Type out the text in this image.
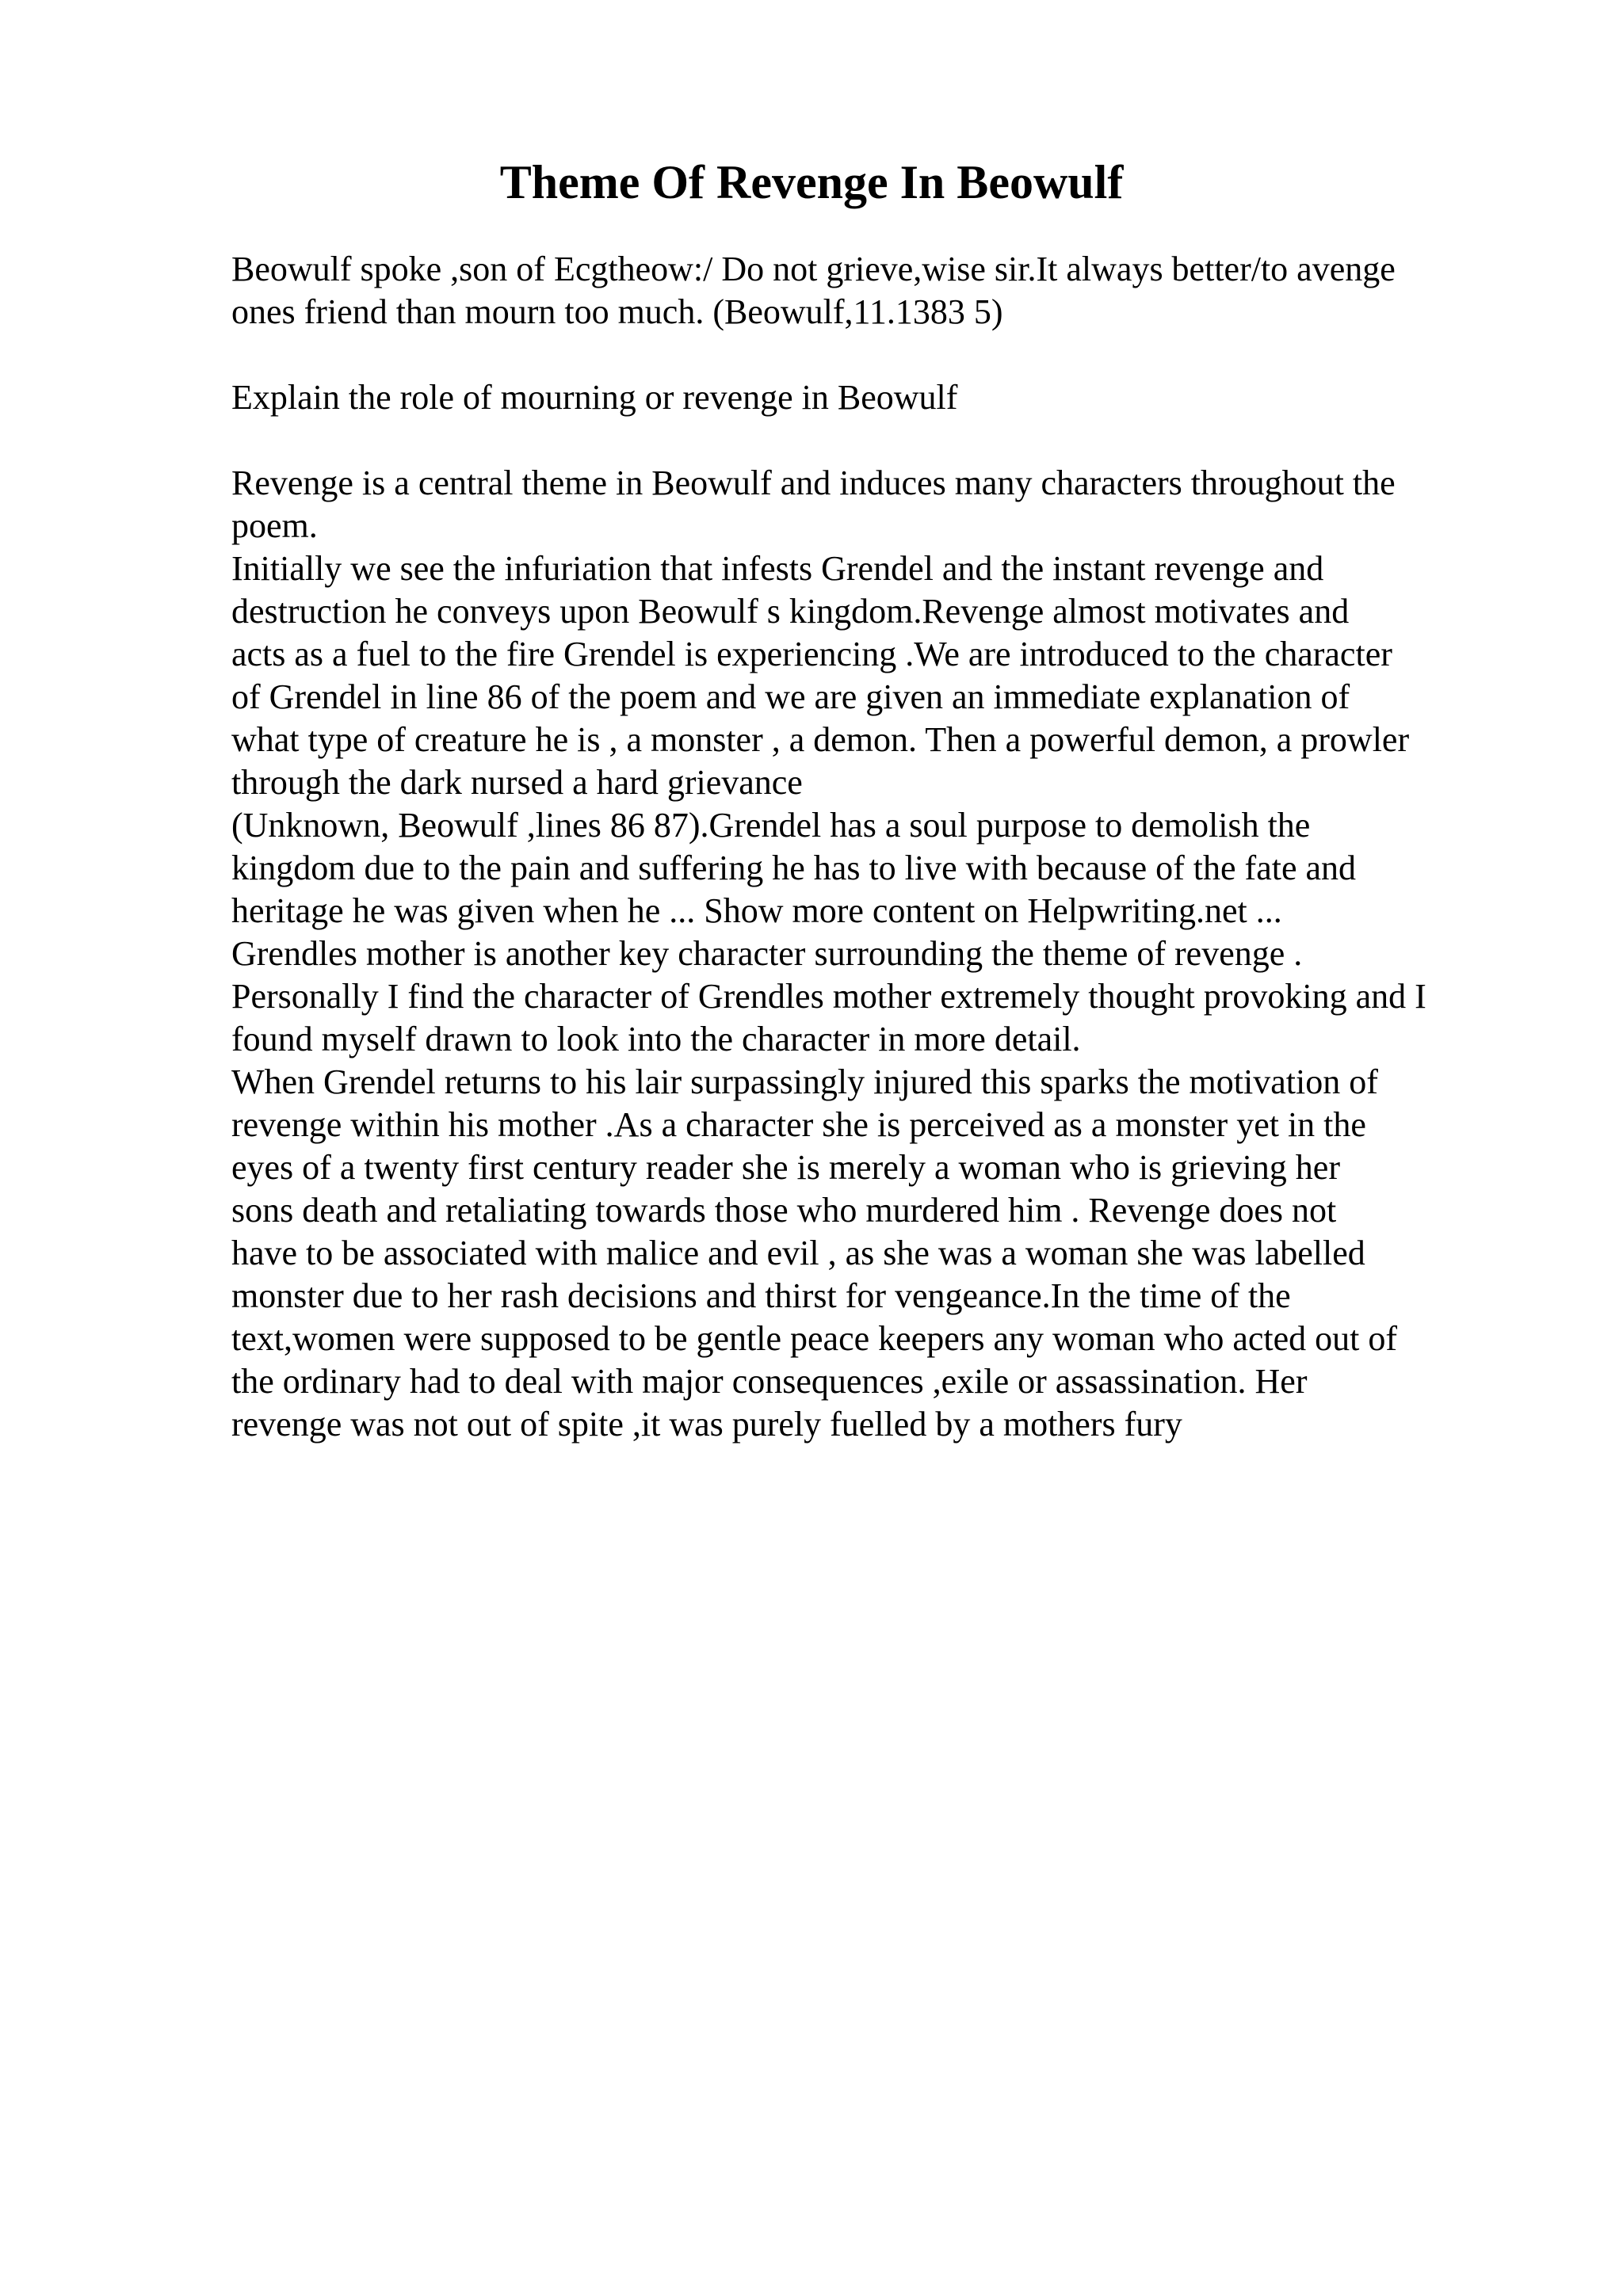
Theme Of Revenge In Beowulf
Beowulf spoke ,son of Ecgtheow:/ Do not grieve,wise sir.It always better/to avenge
ones friend than mourn too much. (Beowulf,11.1383 5)
Explain the role of mourning or revenge in Beowulf
Revenge is a central theme in Beowulf and induces many characters throughout the
poem.
Initially we see the infuriation that infests Grendel and the instant revenge and
destruction he conveys upon Beowulf s kingdom.Revenge almost motivates and
acts as a fuel to the fire Grendel is experiencing .We are introduced to the character
of Grendel in line 86 of the poem and we are given an immediate explanation of
what type of creature he is , a monster , a demon. Then a powerful demon, a prowler
through the dark nursed a hard grievance
(Unknown, Beowulf ,lines 86 87).Grendel has a soul purpose to demolish the
kingdom due to the pain and suffering he has to live with because of the fate and
heritage he was given when he ... Show more content on Helpwriting.net ...
Grendles mother is another key character surrounding the theme of revenge .
Personally I find the character of Grendles mother extremely thought provoking and I
found myself drawn to look into the character in more detail.
When Grendel returns to his lair surpassingly injured this sparks the motivation of
revenge within his mother .As a character she is perceived as a monster yet in the
eyes of a twenty first century reader she is merely a woman who is grieving her
sons death and retaliating towards those who murdered him . Revenge does not
have to be associated with malice and evil , as she was a woman she was labelled
monster due to her rash decisions and thirst for vengeance.In the time of the
text,women were supposed to be gentle peace keepers any woman who acted out of
the ordinary had to deal with major consequences ,exile or assassination. Her
revenge was not out of spite ,it was purely fuelled by a mothers fury
